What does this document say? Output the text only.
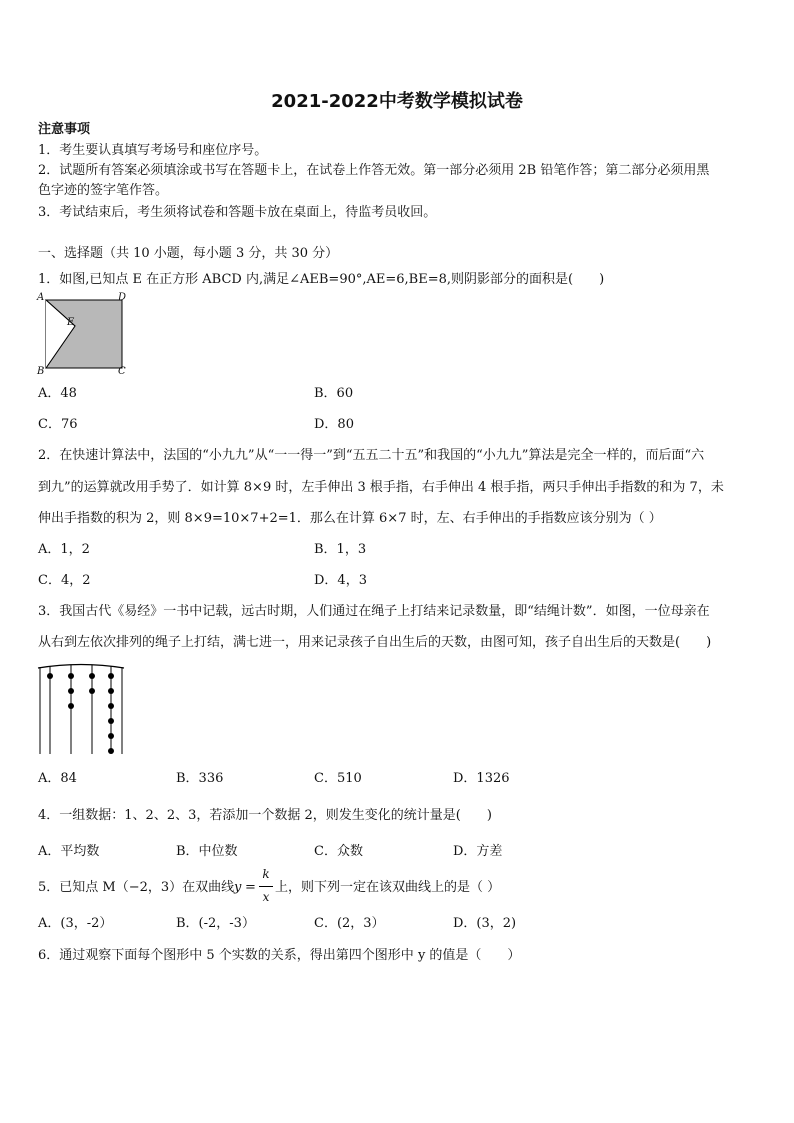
2021-2022中考数学模拟试卷
注意事项
1．考生要认真填写考场号和座位序号。
2．试题所有答案必须填涂或书写在答题卡上，在试卷上作答无效。第一部分必须用 2B 铅笔作答；第二部分必须用黑
色字迹的签字笔作答。
3．考试结束后，考生须将试卷和答题卡放在桌面上，待监考员收回。
一、选择题（共 10 小题，每小题 3 分，共 30 分）
1．如图,已知点 E 在正方形 ABCD 内,满足∠AEB=90°,AE=6,BE=8,则阴影部分的面积是(　　)
A	D
E
B	C
A．48	B．60
C．76	D．80
2．在快速计算法中，法国的“小九九”从“一一得一”到“五五二十五”和我国的“小九九”算法是完全一样的，而后面“六
到九”的运算就改用手势了．如计算 8×9 时，左手伸出 3 根手指，右手伸出 4 根手指，两只手伸出手指数的和为 7，未
伸出手指数的积为 2，则 8×9=10×7+2=1．那么在计算 6×7 时，左、右手伸出的手指数应该分别为（ ）
A．1，2	B．1，3
C．4，2	D．4，3
3．我国古代《易经》一书中记载，远古时期，人们通过在绳子上打结来记录数量，即“结绳计数”．如图，一位母亲在
从右到左依次排列的绳子上打结，满七进一，用来记录孩子自出生后的天数，由图可知，孩子自出生后的天数是(　　)
A．84	B．336	C．510	D．1326
4．一组数据：1、2、2、3，若添加一个数据 2，则发生变化的统计量是(　　)
A．平均数	B．中位数	C．众数	D．方差
5．已知点 M（−2，3）在双曲线 y =
k
x
上，则下列一定在该双曲线上的是（ ）
A．(3，-2）	B．(-2，-3）	C．(2，3）	D．(3，2)
6．通过观察下面每个图形中 5 个实数的关系，得出第四个图形中 y 的值是（　　）
